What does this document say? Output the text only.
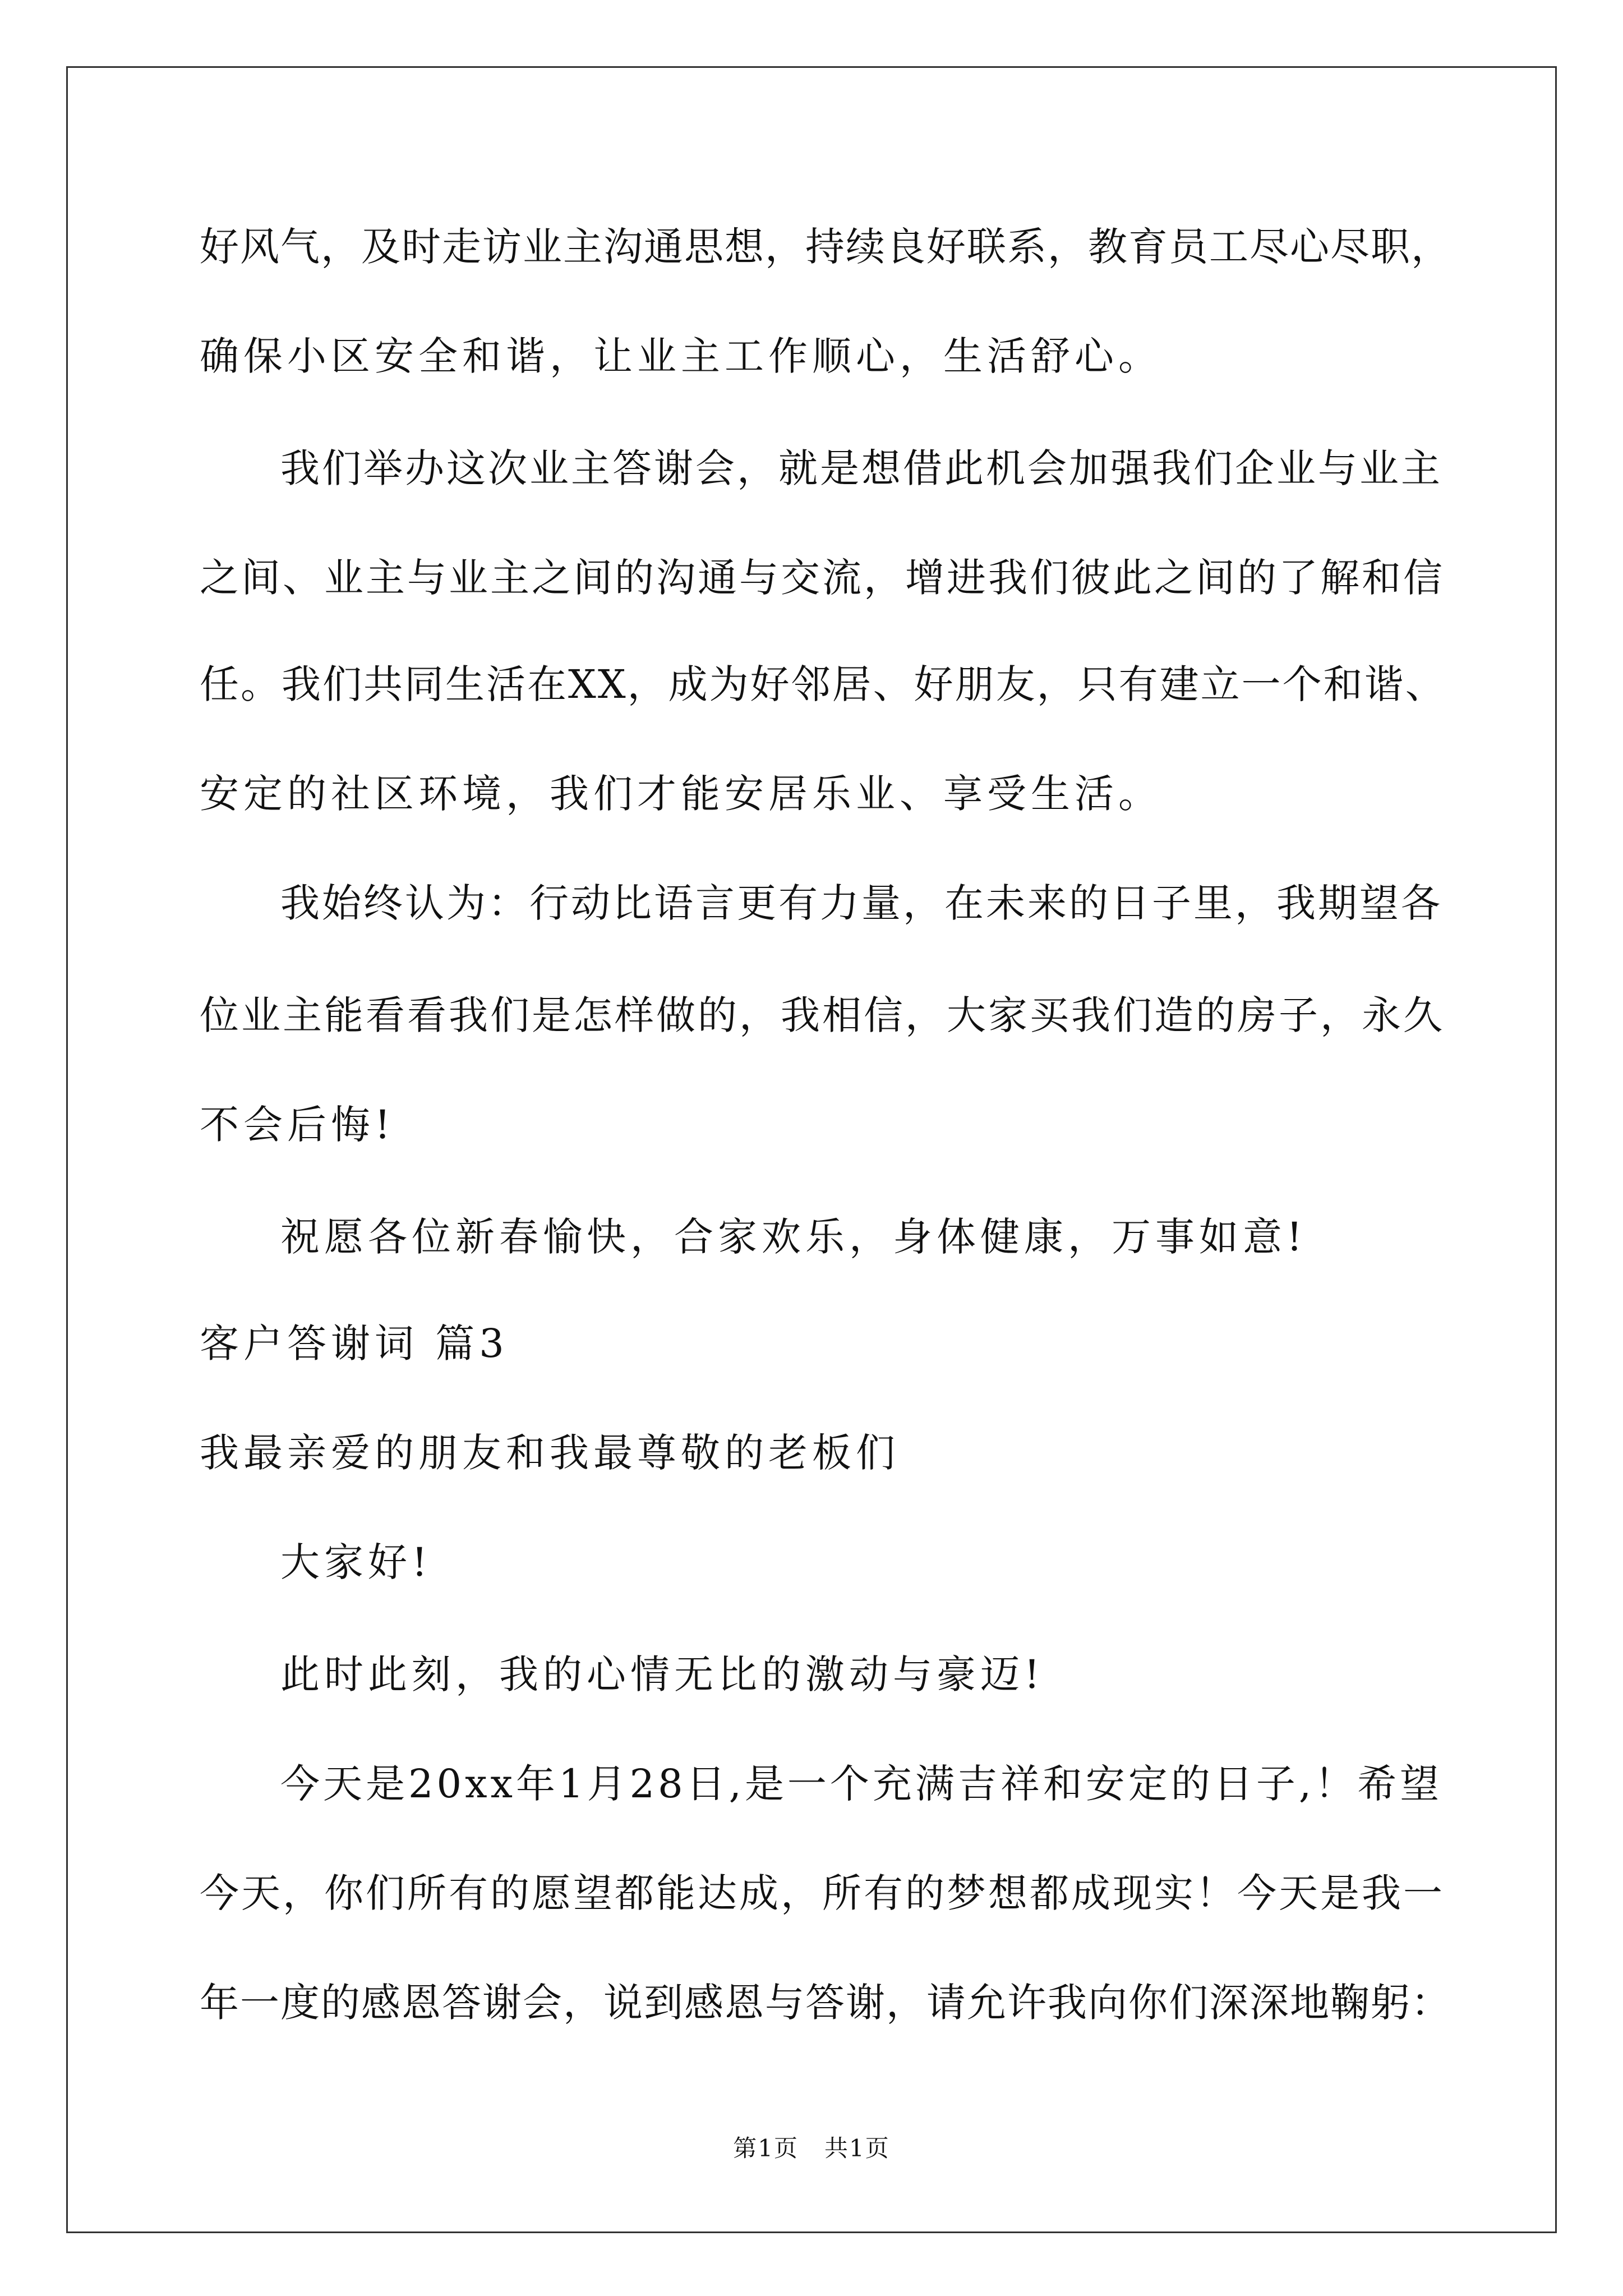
好风气，及时走访业主沟通思想，持续良好联系，教育员工尽心尽职，
确保小区安全和谐，让业主工作顺心，生活舒心。
我们举办这次业主答谢会，就是想借此机会加强我们企业与业主
之间、业主与业主之间的沟通与交流，增进我们彼此之间的了解和信
任。我们共同生活在XX，成为好邻居、好朋友，只有建立一个和谐、
安定的社区环境，我们才能安居乐业、享受生活。
我始终认为：行动比语言更有力量，在未来的日子里，我期望各
位业主能看看我们是怎样做的，我相信，大家买我们造的房子，永久
不会后悔!
祝愿各位新春愉快，合家欢乐，身体健康，万事如意!
客户答谢词 篇3
我最亲爱的朋友和我最尊敬的老板们
大家好!
此时此刻，我的心情无比的激动与豪迈!
今天是20xx年1月28日,是一个充满吉祥和安定的日子,！希望
今天，你们所有的愿望都能达成，所有的梦想都成现实！今天是我一
年一度的感恩答谢会，说到感恩与答谢，请允许我向你们深深地鞠躬：
第1页   共1页
